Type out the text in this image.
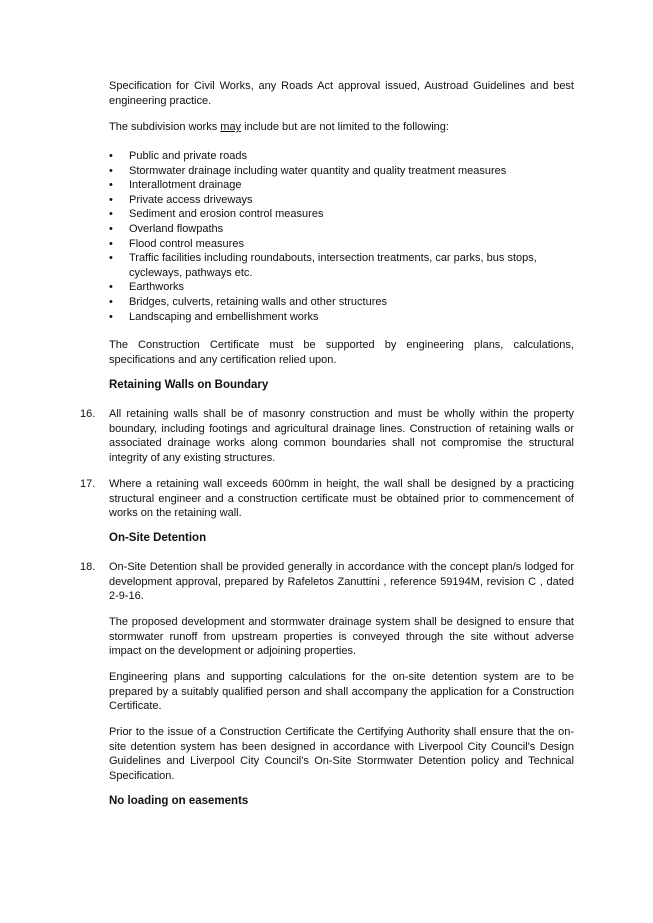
Specification for Civil Works, any Roads Act approval issued, Austroad Guidelines and best engineering practice.

The subdivision works may include but are not limited to the following:

•	Public and private roads
•	Stormwater drainage including water quantity and quality treatment measures
•	Interallotment drainage
•	Private access driveways
•	Sediment and erosion control measures
•	Overland flowpaths
•	Flood control measures
•	Traffic facilities including roundabouts, intersection treatments, car parks, bus stops, cycleways, pathways etc.
•	Earthworks
•	Bridges, culverts, retaining walls and other structures
•	Landscaping and embellishment works

The Construction Certificate must be supported by engineering plans, calculations, specifications and any certification relied upon.

Retaining Walls on Boundary
16.	All retaining walls shall be of masonry construction and must be wholly within the property boundary, including footings and agricultural drainage lines. Construction of retaining walls or associated drainage works along common boundaries shall not compromise the structural integrity of any existing structures.

17.	Where a retaining wall exceeds 600mm in height, the wall shall be designed by a practicing structural engineer and a construction certificate must be obtained prior to commencement of works on the retaining wall.

On-Site Detention
18.	On-Site Detention shall be provided generally in accordance with the concept plan/s lodged for development approval, prepared by Rafeletos Zanuttini , reference 59194M, revision C , dated 2-9-16.

The proposed development and stormwater drainage system shall be designed to ensure that stormwater runoff from upstream properties is conveyed through the site without adverse impact on the development or adjoining properties.

Engineering plans and supporting calculations for the on-site detention system are to be prepared by a suitably qualified person and shall accompany the application for a Construction Certificate.

Prior to the issue of a Construction Certificate the Certifying Authority shall ensure that the on-site detention system has been designed in accordance with Liverpool City Council's Design Guidelines and Liverpool City Council's On-Site Stormwater Detention policy and Technical Specification.

No loading on easements
